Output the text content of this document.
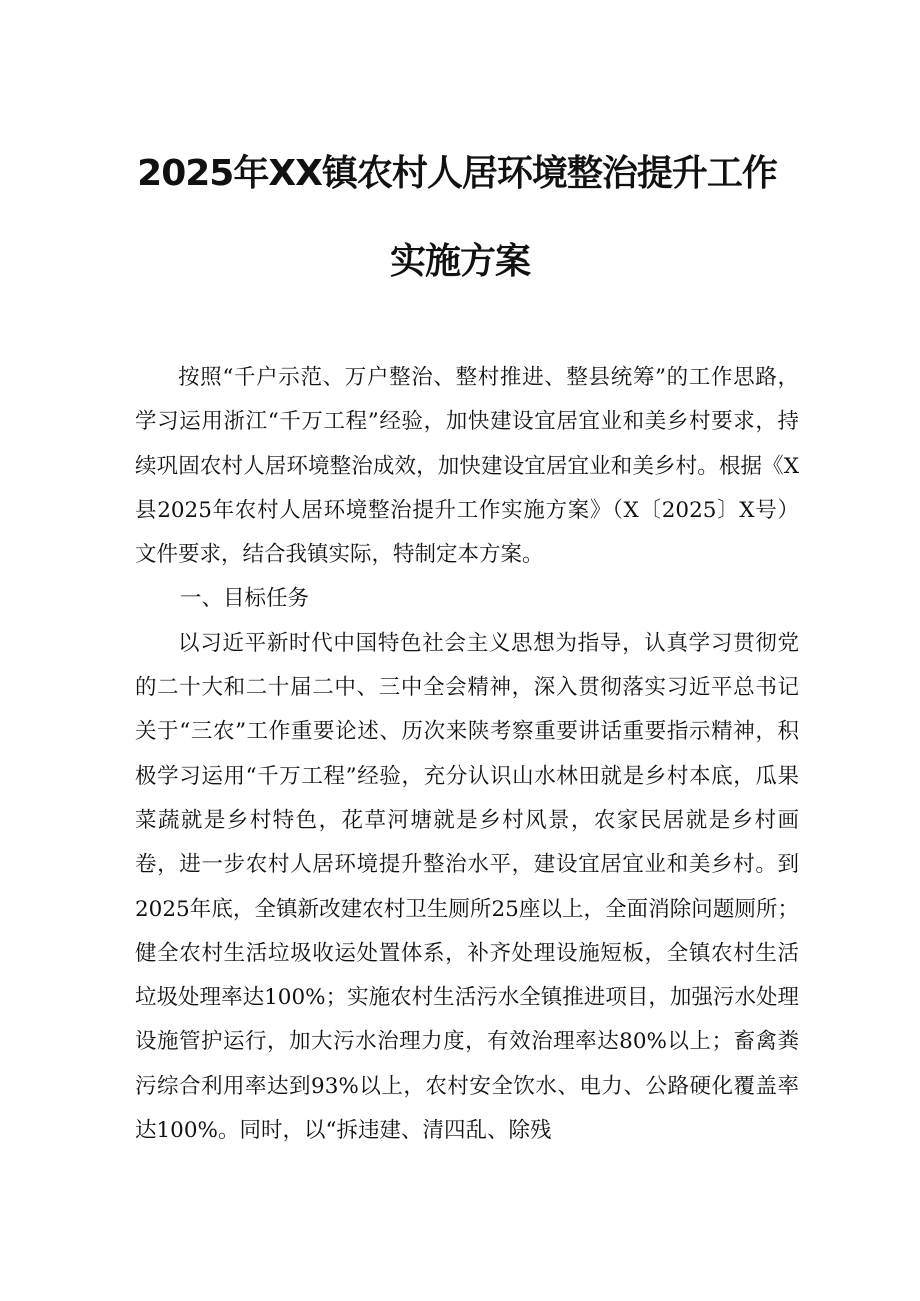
2025年XX镇农村人居环境整治提升工作
实施方案

按照“千户示范、万户整治、整村推进、整县统筹”的工作思路，学习运用浙江“千万工程”经验，加快建设宜居宜业和美乡村要求，持续巩固农村人居环境整治成效，加快建设宜居宜业和美乡村。根据《X县2025年农村人居环境整治提升工作实施方案》（X〔2025〕X号）文件要求，结合我镇实际，特制定本方案。

一、目标任务

以习近平新时代中国特色社会主义思想为指导，认真学习贯彻党的二十大和二十届二中、三中全会精神，深入贯彻落实习近平总书记关于“三农”工作重要论述、历次来陕考察重要讲话重要指示精神，积极学习运用“千万工程”经验，充分认识山水林田就是乡村本底，瓜果菜蔬就是乡村特色，花草河塘就是乡村风景，农家民居就是乡村画卷，进一步农村人居环境提升整治水平，建设宜居宜业和美乡村。到2025年底，全镇新改建农村卫生厕所25座以上，全面消除问题厕所；健全农村生活垃圾收运处置体系，补齐处理设施短板，全镇农村生活垃圾处理率达100%；实施农村生活污水全镇推进项目，加强污水处理设施管护运行，加大污水治理力度，有效治理率达80%以上；畜禽粪污综合利用率达到93%以上，农村安全饮水、电力、公路硬化覆盖率达100%。同时，以“拆违建、清四乱、除残
